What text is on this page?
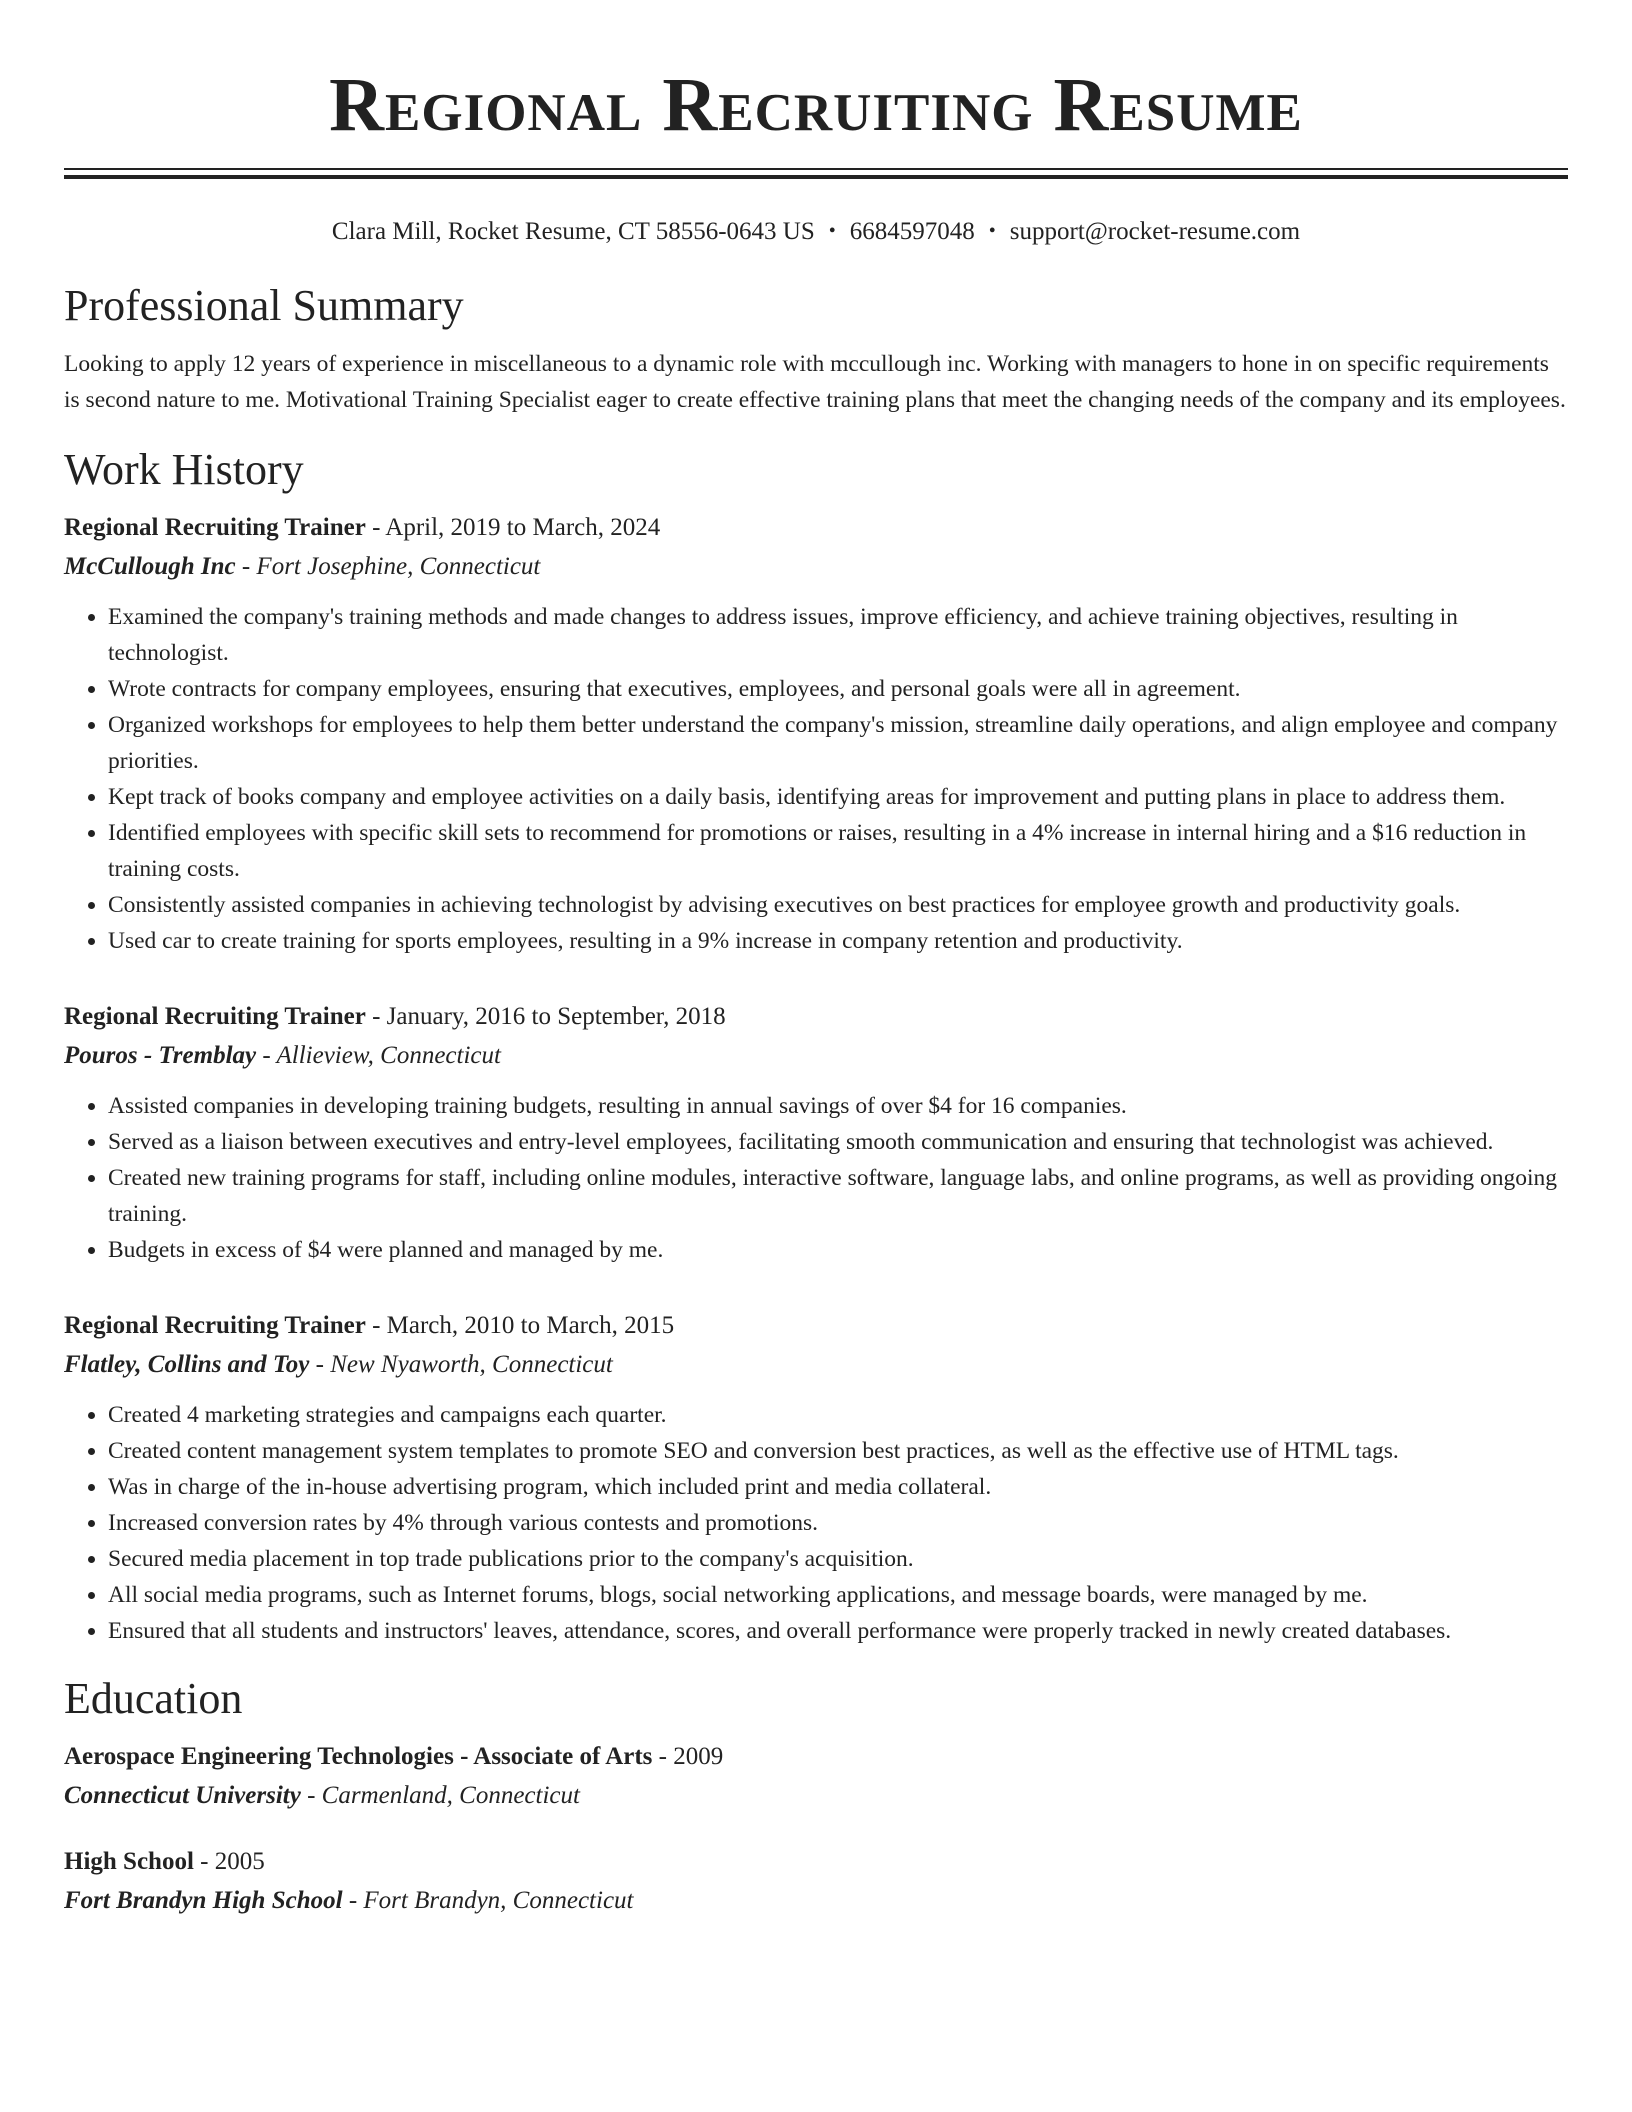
Regional Recruiting Resume
Clara Mill, Rocket Resume, CT 58556-0643 US • 6684597048 • support@rocket-resume.com
Professional Summary

Looking to apply 12 years of experience in miscellaneous to a dynamic role with mccullough inc. Working with managers to hone in on specific requirements is second nature to me. Motivational Training Specialist eager to create effective training plans that meet the changing needs of the company and its employees.

Work History
Regional Recruiting Trainer - April, 2019 to March, 2024
McCullough Inc - Fort Josephine, Connecticut
• Examined the company's training methods and made changes to address issues, improve efficiency, and achieve training objectives, resulting in technologist.
• Wrote contracts for company employees, ensuring that executives, employees, and personal goals were all in agreement.
• Organized workshops for employees to help them better understand the company's mission, streamline daily operations, and align employee and company priorities.
• Kept track of books company and employee activities on a daily basis, identifying areas for improvement and putting plans in place to address them.
• Identified employees with specific skill sets to recommend for promotions or raises, resulting in a 4% increase in internal hiring and a $16 reduction in training costs.
• Consistently assisted companies in achieving technologist by advising executives on best practices for employee growth and productivity goals.
• Used car to create training for sports employees, resulting in a 9% increase in company retention and productivity.
Regional Recruiting Trainer - January, 2016 to September, 2018
Pouros - Tremblay - Allieview, Connecticut
• Assisted companies in developing training budgets, resulting in annual savings of over $4 for 16 companies.
• Served as a liaison between executives and entry-level employees, facilitating smooth communication and ensuring that technologist was achieved.
• Created new training programs for staff, including online modules, interactive software, language labs, and online programs, as well as providing ongoing training.
• Budgets in excess of $4 were planned and managed by me.
Regional Recruiting Trainer - March, 2010 to March, 2015
Flatley, Collins and Toy - New Nyaworth, Connecticut
• Created 4 marketing strategies and campaigns each quarter.
• Created content management system templates to promote SEO and conversion best practices, as well as the effective use of HTML tags.
• Was in charge of the in-house advertising program, which included print and media collateral.
• Increased conversion rates by 4% through various contests and promotions.
• Secured media placement in top trade publications prior to the company's acquisition.
• All social media programs, such as Internet forums, blogs, social networking applications, and message boards, were managed by me.
• Ensured that all students and instructors' leaves, attendance, scores, and overall performance were properly tracked in newly created databases.
Education
Aerospace Engineering Technologies - Associate of Arts - 2009
Connecticut University - Carmenland, Connecticut
High School - 2005
Fort Brandyn High School - Fort Brandyn, Connecticut
